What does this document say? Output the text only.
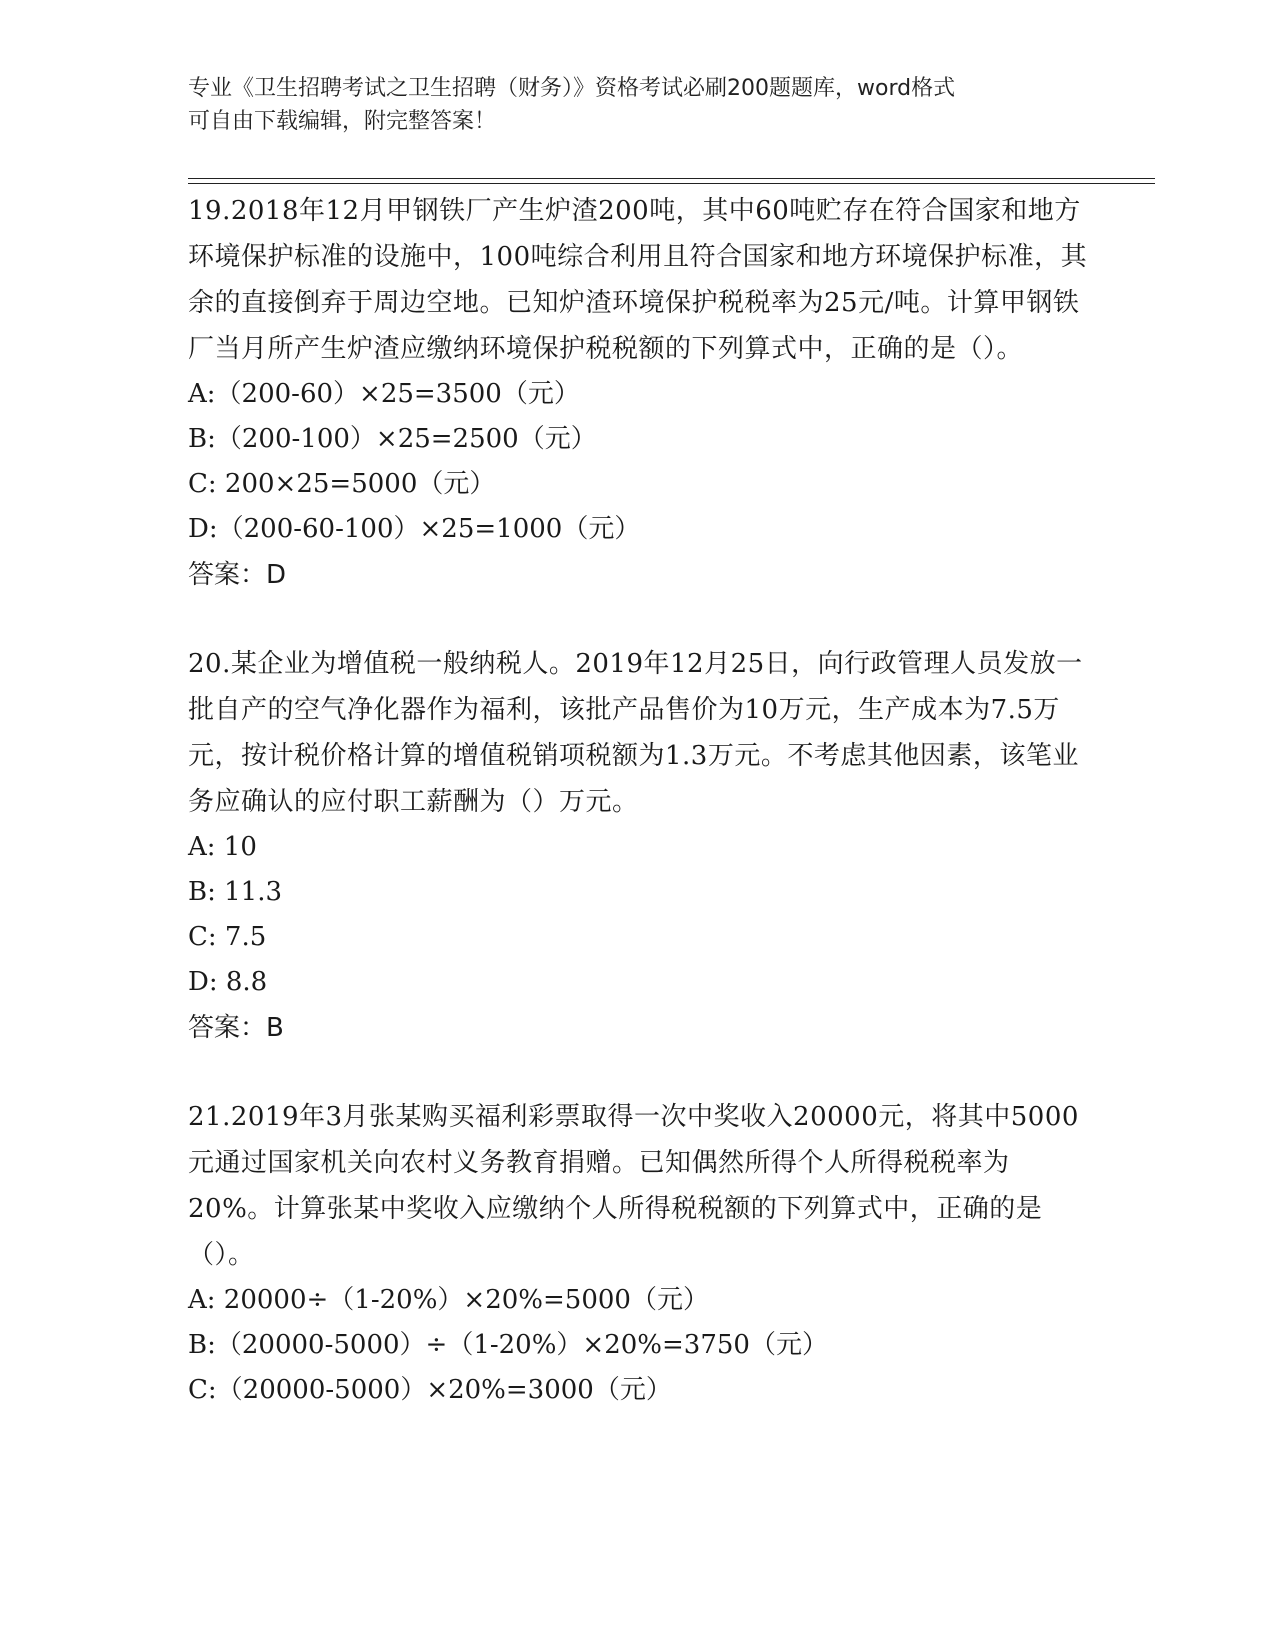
专业《卫生招聘考试之卫生招聘（财务）》资格考试必刷200题题库，word格式
可自由下载编辑，附完整答案！

19.2018年12月甲钢铁厂产生炉渣200吨，其中60吨贮存在符合国家和地方环境保护标准的设施中，100吨综合利用且符合国家和地方环境保护标准，其余的直接倒弃于周边空地。已知炉渣环境保护税税率为25元/吨。计算甲钢铁厂当月所产生炉渣应缴纳环境保护税税额的下列算式中，正确的是（）。

A:（200-60）×25=3500（元）

B:（200-100）×25=2500（元）

C: 200×25=5000（元）

D:（200-60-100）×25=1000（元）

答案：D

20.某企业为增值税一般纳税人。2019年12月25日，向行政管理人员发放一批自产的空气净化器作为福利，该批产品售价为10万元，生产成本为7.5万元，按计税价格计算的增值税销项税额为1.3万元。不考虑其他因素，该笔业务应确认的应付职工薪酬为（）万元。

A: 10

B: 11.3

C: 7.5

D: 8.8

答案：B

21.2019年3月张某购买福利彩票取得一次中奖收入20000元，将其中5000元通过国家机关向农村义务教育捐赠。已知偶然所得个人所得税税率为20%。计算张某中奖收入应缴纳个人所得税税额的下列算式中，正确的是（）。

A: 20000÷（1-20%）×20%=5000（元）

B:（20000-5000）÷（1-20%）×20%=3750（元）

C:（20000-5000）×20%=3000（元）
